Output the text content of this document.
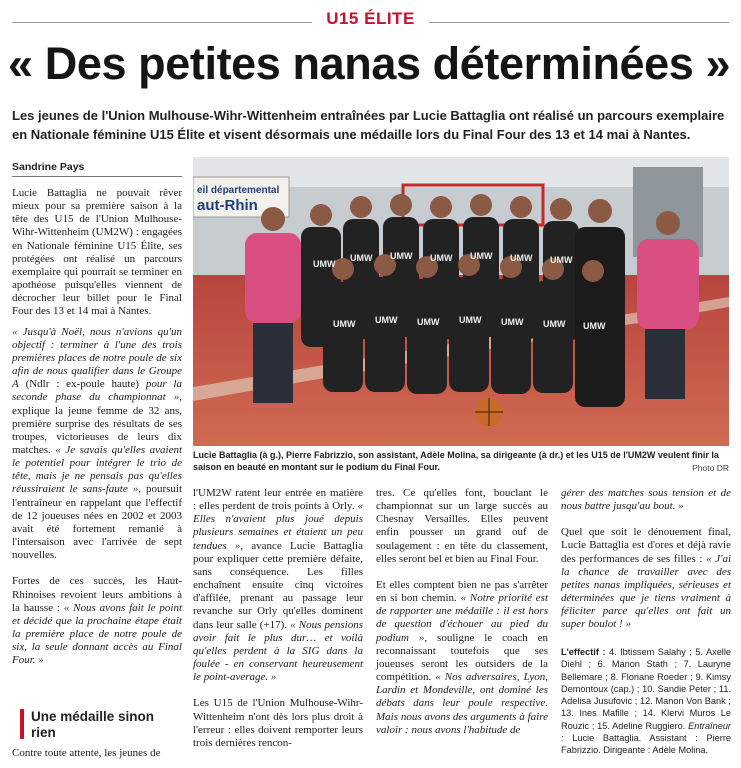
U15 ÉLITE
« Des petites nanas déterminées »
Les jeunes de l'Union Mulhouse-Wihr-Wittenheim entraînées par Lucie Battaglia ont réalisé un parcours exemplaire en Nationale féminine U15 Élite et visent désormais une médaille lors du Final Four des 13 et 14 mai à Nantes.
Sandrine Pays

Lucie Battaglia ne pouvait rêver mieux pour sa première saison à la tête des U15 de l'Union Mulhouse-Wihr-Wittenheim (UM2W) : engagées en Nationale féminine U15 Élite, ses protégées ont réalisé un parcours exemplaire qui pourrait se terminer en apothéose puisqu'elles viennent de décrocher leur billet pour le Final Four des 13 et 14 mai à Nantes.

« Jusqu'à Noël, nous n'avions qu'un objectif : terminer à l'une des trois premières places de notre poule de six afin de nous qualifier dans le Groupe A (Ndlr : ex-poule haute) pour la seconde phase du championnat », explique la jeune femme de 32 ans, première surprise des résultats de ses troupes, victorieuses de leurs dix matches. « Je savais qu'elles avaient le potentiel pour intégrer le trio de tête, mais je ne pensais pas qu'elles réussiraient le sans-faute », poursuit l'entraîneur en rappelant que l'effectif de 12 joueuses nées en 2002 et 2003 avait été fortement remanié à l'intersaison avec l'arrivée de sept nouvelles.

Fortes de ces succès, les Haut-Rhinoises revoient leurs ambitions à la hausse : « Nous avons fait le point et décidé que la prochaine étape était la première place de notre poule de six, la seule donnant accès au Final Four. »

Une médaille sinon rien

Contre toute attente, les jeunes de

eil départemental
aut-Rhin
UMW
UMW UMW UMW UMW UMW UMW
UMW UMW UMW UMW UMW UMW UMW
Lucie Battaglia (à g.), Pierre Fabrizzio, son assistant, Adèle Molina, sa dirigeante (à dr.) et les U15 de l'UM2W veulent finir la saison en beauté en montant sur le podium du Final Four.	Photo DR

l'UM2W ratent leur entrée en matière : elles perdent de trois points à Orly. « Elles n'avaient plus joué depuis plusieurs semaines et étaient un peu tendues », avance Lucie Battaglia pour expliquer cette première défaite, sans conséquence. Les filles enchaînent ensuite cinq victoires d'affilée, prenant au passage leur revanche sur Orly qu'elles dominent dans leur salle (+17). « Nous pensions avoir fait le plus dur… et voilà qu'elles perdent à la SIG dans la foulée - en conservant heureusement le point-average. »

Les U15 de l'Union Mulhouse-Wihr-Wittenheim n'ont dès lors plus droit à l'erreur : elles doivent remporter leurs trois dernières rencon-

tres. Ce qu'elles font, bouclant le championnat sur un large succès au Chesnay Versailles. Elles peuvent enfin pousser un grand ouf de soulagement : en tête du classement, elles seront bel et bien au Final Four.

Et elles comptent bien ne pas s'arrêter en si bon chemin. « Notre priorité est de rapporter une médaille : il est hors de question d'échouer au pied du podium », souligne le coach en reconnaissant toutefois que ses joueuses seront les outsiders de la compétition. « Nos adversaires, Lyon, Lardin et Mondeville, ont dominé les débats dans leur poule respective. Mais nous avons des arguments à faire valoir : nous avons l'habitude de

gérer des matches sous tension et de nous battre jusqu'au bout. »

Quel que soit le dénouement final, Lucie Battaglia est d'ores et déjà ravie des performances de ses filles : « J'ai la chance de travailler avec des petites nanas impliquées, sérieuses et déterminées que je tiens vraiment à féliciter parce qu'elles ont fait un super boulot ! »

L'effectif : 4. Ibtissem Salahy ; 5. Axelle Diehl ; 6. Manon Stath ; 7. Lauryne Bellemare ; 8. Floriane Roeder ; 9. Kimsy Demontoux (cap.) ; 10. Sandie Peter ; 11. Adelisa Jusufovic ; 12. Manon Von Bank ; 13. Ines Mafille ; 14. Klervi Muros Le Rouzic ; 15. Adeline Ruggiero. Entraîneur : Lucie Battaglia. Assistant : Pierre Fabrizzio. Dirigeante : Adèle Molina.
